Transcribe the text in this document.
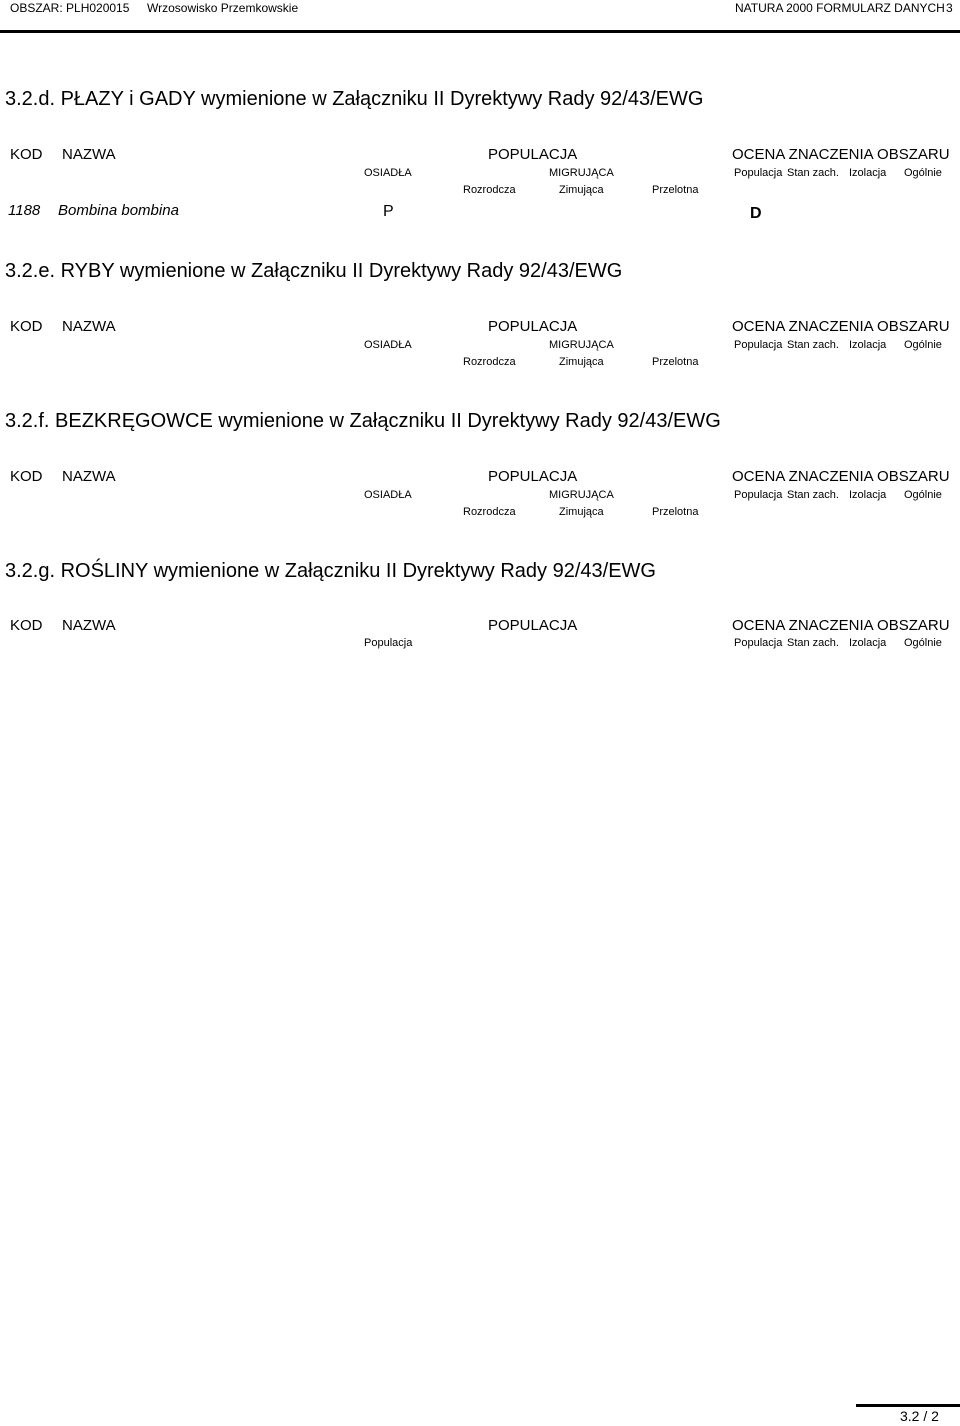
OBSZAR: PLH020015 Wrzosowisko Przemkowskie	NATURA 2000 FORMULARZ DANYCH 3
3.2.d. PŁAZY i GADY wymienione w Załączniku II Dyrektywy Rady 92/43/EWG
KOD NAZWA	POPULACJA	OCENA ZNACZENIA OBSZARU
OSIADŁA	MIGRUJĄCA	Populacja Stan zach. Izolacja Ogólnie
Rozrodcza	Zimująca	Przelotna
1188 Bombina bombina	P	D
3.2.e. RYBY wymienione w Załączniku II Dyrektywy Rady 92/43/EWG
KOD NAZWA	POPULACJA	OCENA ZNACZENIA OBSZARU
OSIADŁA	MIGRUJĄCA	Populacja Stan zach. Izolacja Ogólnie
Rozrodcza	Zimująca	Przelotna
3.2.f. BEZKRĘGOWCE wymienione w Załączniku II Dyrektywy Rady 92/43/EWG
KOD NAZWA	POPULACJA	OCENA ZNACZENIA OBSZARU
OSIADŁA	MIGRUJĄCA	Populacja Stan zach. Izolacja Ogólnie
Rozrodcza	Zimująca	Przelotna
3.2.g. ROŚLINY wymienione w Załączniku II Dyrektywy Rady 92/43/EWG
KOD NAZWA	POPULACJA	OCENA ZNACZENIA OBSZARU
Populacja	Populacja Stan zach. Izolacja Ogólnie
3.2 / 2
